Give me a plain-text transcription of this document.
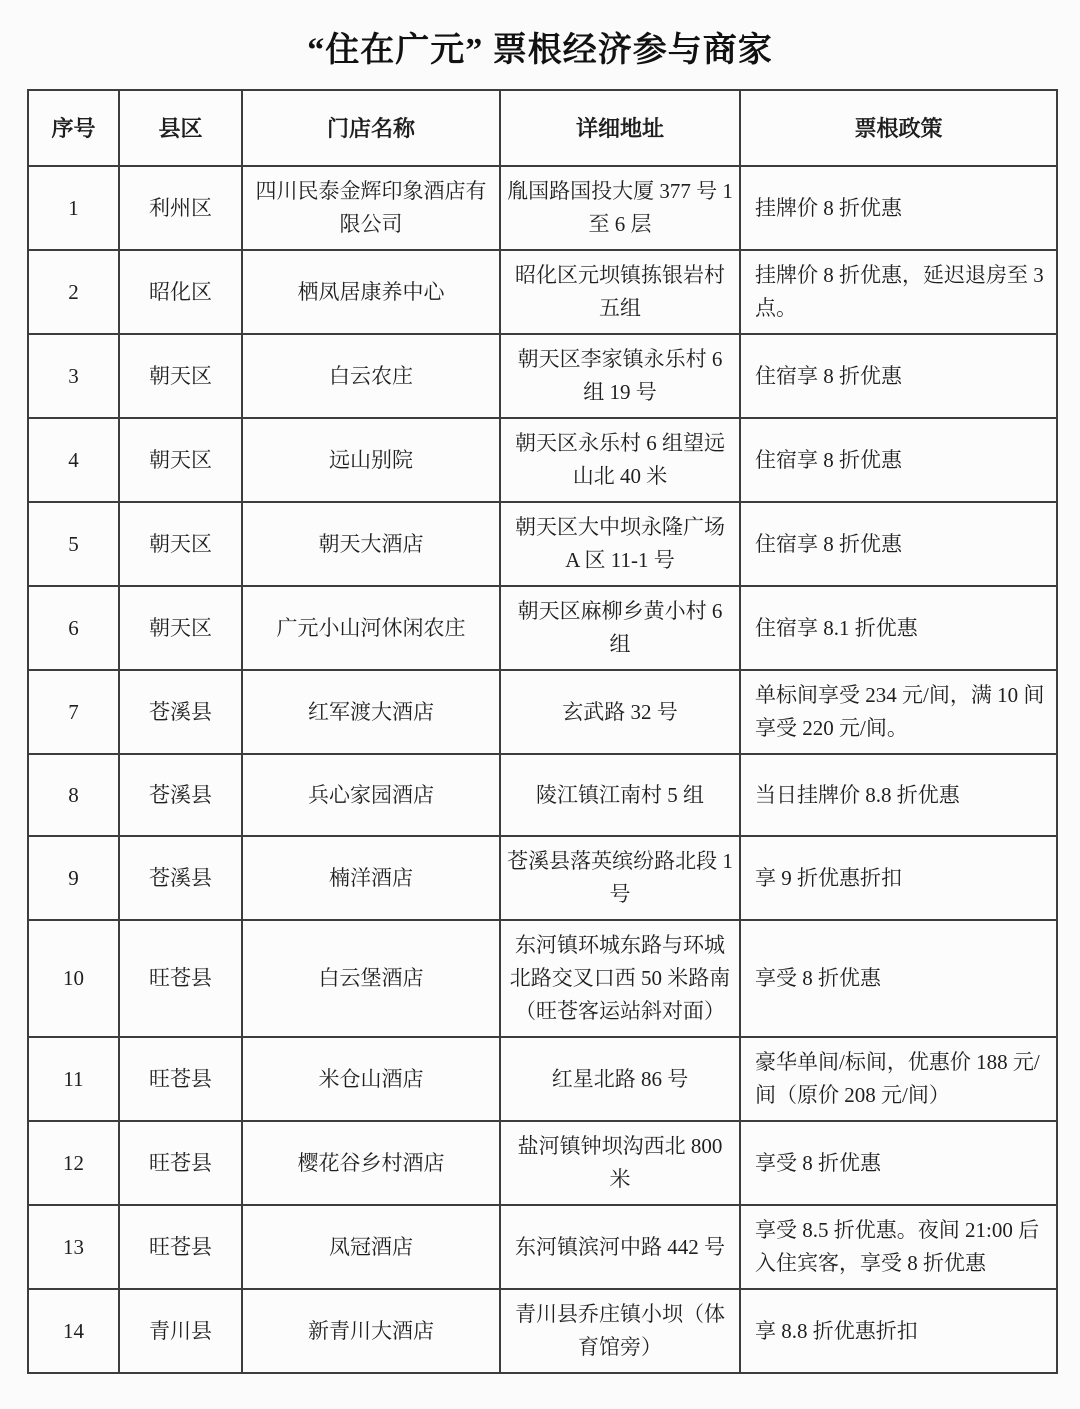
“住在广元” 票根经济参与商家
序号	县区	门店名称	详细地址	票根政策
1	利州区	四川民泰金辉印象酒店有限公司	胤国路国投大厦 377 号 1 至 6 层	挂牌价 8 折优惠
2	昭化区	栖凤居康养中心	昭化区元坝镇拣银岩村五组	挂牌价 8 折优惠，延迟退房至 3 点。
3	朝天区	白云农庄	朝天区李家镇永乐村 6 组 19 号	住宿享 8 折优惠
4	朝天区	远山别院	朝天区永乐村 6 组望远山北 40 米	住宿享 8 折优惠
5	朝天区	朝天大酒店	朝天区大中坝永隆广场 A 区 11-1 号	住宿享 8 折优惠
6	朝天区	广元小山河休闲农庄	朝天区麻柳乡黄小村 6 组	住宿享 8.1 折优惠
7	苍溪县	红军渡大酒店	玄武路 32 号	单标间享受 234 元/间，满 10 间享受 220 元/间。
8	苍溪县	兵心家园酒店	陵江镇江南村 5 组	当日挂牌价 8.8 折优惠
9	苍溪县	楠洋酒店	苍溪县落英缤纷路北段 1 号	享 9 折优惠折扣
10	旺苍县	白云堡酒店	东河镇环城东路与环城北路交叉口西 50 米路南（旺苍客运站斜对面）	享受 8 折优惠
11	旺苍县	米仓山酒店	红星北路 86 号	豪华单间/标间，优惠价 188 元/间（原价 208 元/间）
12	旺苍县	樱花谷乡村酒店	盐河镇钟坝沟西北 800 米	享受 8 折优惠
13	旺苍县	凤冠酒店	东河镇滨河中路 442 号	享受 8.5 折优惠。夜间 21:00 后入住宾客，享受 8 折优惠
14	青川县	新青川大酒店	青川县乔庄镇小坝（体育馆旁）	享 8.8 折优惠折扣
